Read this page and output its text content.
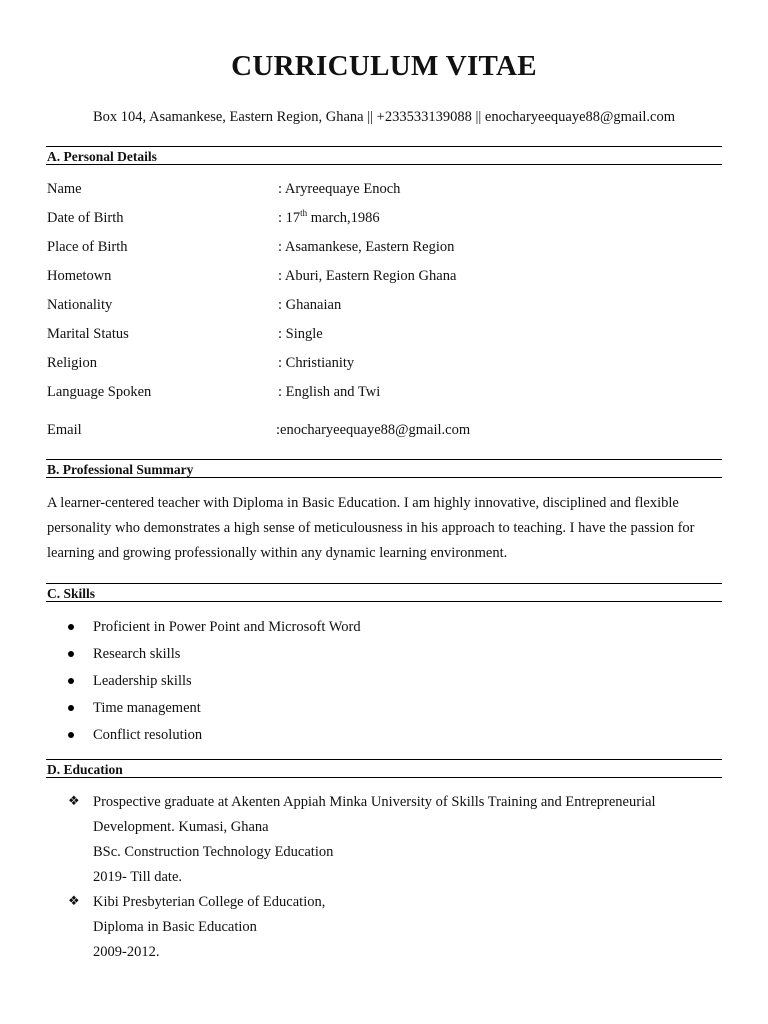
CURRICULUM VITAE
Box 104, Asamankese, Eastern Region, Ghana || +233533139088 || enocharyeequaye88@gmail.com
A. Personal Details
Name	: Aryreequaye Enoch
Date of Birth	: 17th march,1986
Place of Birth	: Asamankese, Eastern Region
Hometown	: Aburi, Eastern Region Ghana
Nationality	: Ghanaian
Marital Status	: Single
Religion	: Christianity
Language Spoken	: English and Twi
Email	:enocharyeequaye88@gmail.com
B. Professional Summary
A learner-centered teacher with Diploma in Basic Education. I am highly innovative, disciplined and flexible personality who demonstrates a high sense of meticulousness in his approach to teaching. I have the passion for learning and growing professionally within any dynamic learning environment.
C. Skills
Proficient in Power Point and Microsoft Word
Research skills
Leadership skills
Time management
Conflict resolution
D. Education
❖ Prospective graduate at Akenten Appiah Minka University of Skills Training and Entrepreneurial
Development. Kumasi, Ghana
BSc. Construction Technology Education
2019- Till date.
❖ Kibi Presbyterian College of Education,
Diploma in Basic Education
2009-2012.
